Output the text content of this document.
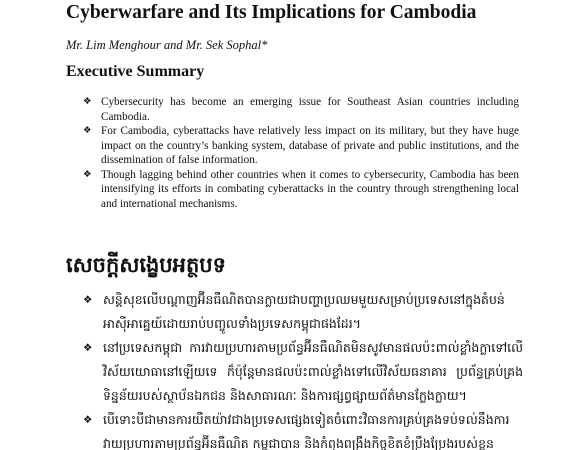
Cyberwarfare and Its Implications for Cambodia

Mr. Lim Menghour and Mr. Sek Sophal*

Executive Summary
❖ Cybersecurity has become an emerging issue for Southeast Asian countries including Cambodia.
❖ For Cambodia, cyberattacks have relatively less impact on its military, but they have huge impact on the country’s banking system, database of private and public institutions, and the dissemination of false information.
❖ Though lagging behind other countries when it comes to cybersecurity, Cambodia has been intensifying its efforts in combating cyberattacks in the country through strengthening local and international mechanisms.
សេចក្ដីសង្ខេបអត្ថបទ
❖ សន្តិសុខលើបណ្តាញអ៊ីនធឺណិតបានក្លាយជាបញ្ហាប្រឈមមួយសម្រាប់ប្រទេសនៅក្នុងតំបន់អាស៊ីអាគ្នេយ៍ដោយរាប់បញ្ចូលទាំងប្រទេសកម្ពុជាផងដែរ។
❖ នៅប្រទេសកម្ពុជា ការវាយប្រហារតាមប្រព័ន្ធអ៊ីនធឺណិតមិនសូវមានផលប៉ះពាល់ខ្លាំងក្លាទៅលើវិស័យយោធានៅឡើយទេ ក៏ប៉ុន្តែមានផលប៉ះពាល់ខ្លាំងទៅលើវិស័យធនាគារ ប្រព័ន្ធគ្រប់គ្រងទិន្នន័យរបស់ស្ថាប័នឯកជន និងសាធារណៈ និងការផ្សព្វផ្សាយព័ត៌មានក្លែងក្លាយ។
❖ បើទោះបីជាមានការយឺតយ៉ាវជាងប្រទេសផ្សេងទៀតចំពោះវិធានការគ្រប់គ្រងទប់ទល់នឹងការវាយប្រហារតាមប្រព័ន្ធអ៊ីនធឺណិត កម្ពុជាបាន និងកំពុងពង្រឹងកិច្ចខិតខំប្រឹងប្រែងរបស់ខ្លួន
